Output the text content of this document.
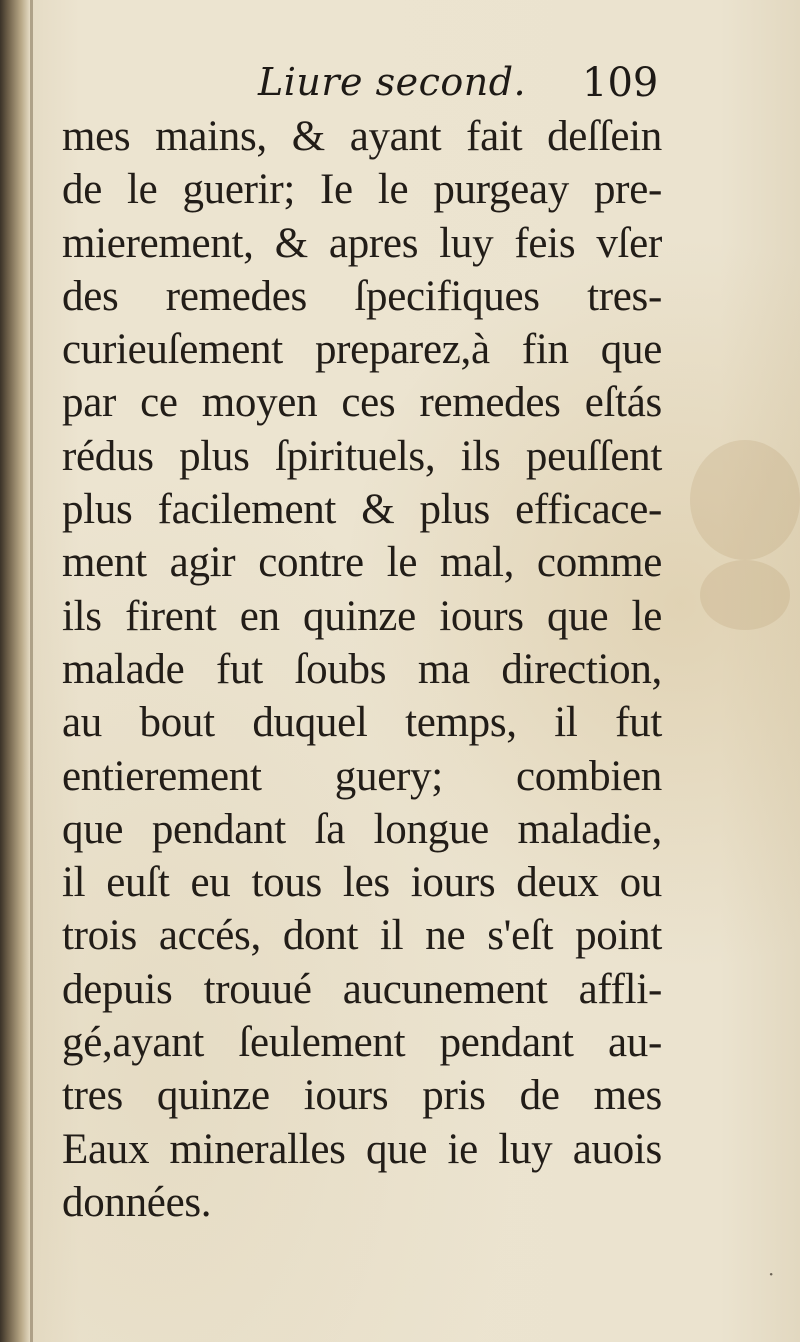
Liure second. 109
mes mains, & ayant fait deſſein
de le guerir; Ie le purgeay pre-
mierement, & apres luy feis vſer
des remedes ſpecifiques tres-
curieuſement preparez,à fin que
par ce moyen ces remedes eſtás
rédus plus ſpirituels, ils peuſſent
plus facilement & plus efficace-
ment agir contre le mal, comme
ils firent en quinze iours que le
malade fut ſoubs ma direction,
au bout duquel temps, il fut
entierement guery; combien
que pendant ſa longue maladie,
il euſt eu tous les iours deux ou
trois accés, dont il ne s'eſt point
depuis trouué aucunement affli-
gé,ayant ſeulement pendant au-
tres quinze iours pris de mes
Eaux mineralles que ie luy auois
données.
·
